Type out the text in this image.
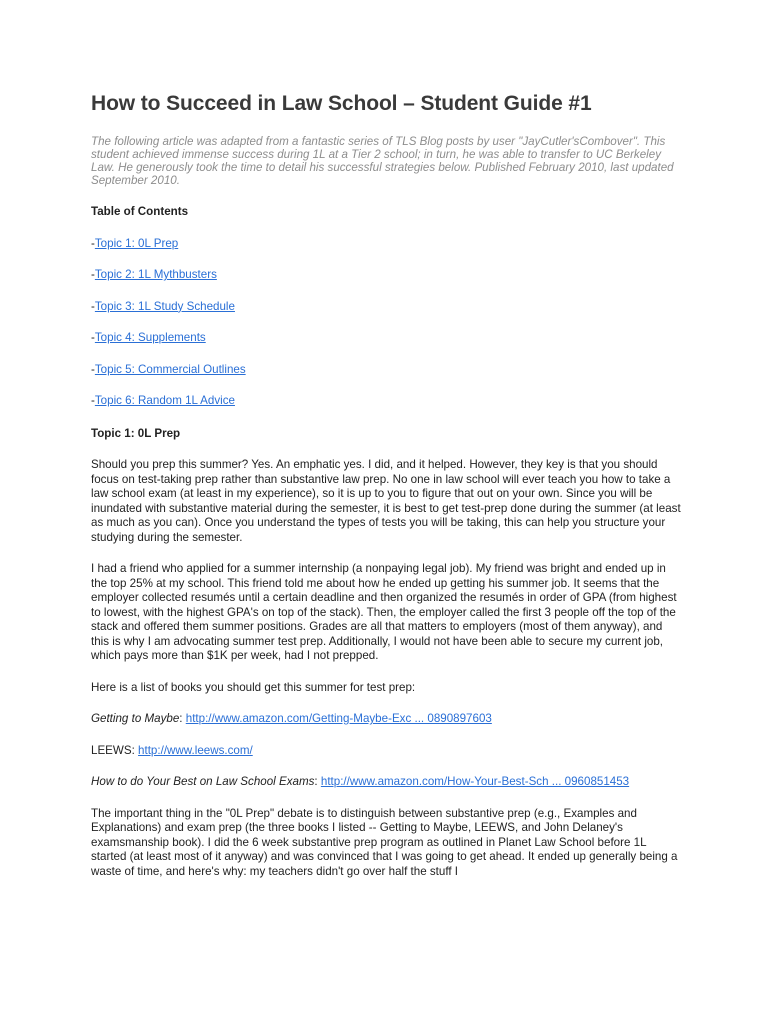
How to Succeed in Law School – Student Guide #1

The following article was adapted from a fantastic series of TLS Blog posts by user "JayCutler'sCombover". This student achieved immense success during 1L at a Tier 2 school; in turn, he was able to transfer to UC Berkeley Law. He generously took the time to detail his successful strategies below. Published February 2010, last updated September 2010.

Table of Contents

-Topic 1: 0L Prep

-Topic 2: 1L Mythbusters

-Topic 3: 1L Study Schedule

-Topic 4: Supplements

-Topic 5: Commercial Outlines

-Topic 6: Random 1L Advice

Topic 1: 0L Prep

Should you prep this summer? Yes. An emphatic yes. I did, and it helped. However, they key is that you should focus on test-taking prep rather than substantive law prep. No one in law school will ever teach you how to take a law school exam (at least in my experience), so it is up to you to figure that out on your own. Since you will be inundated with substantive material during the semester, it is best to get test-prep done during the summer (at least as much as you can). Once you understand the types of tests you will be taking, this can help you structure your studying during the semester.

I had a friend who applied for a summer internship (a nonpaying legal job). My friend was bright and ended up in the top 25% at my school. This friend told me about how he ended up getting his summer job. It seems that the employer collected resumés until a certain deadline and then organized the resumés in order of GPA (from highest to lowest, with the highest GPA's on top of the stack). Then, the employer called the first 3 people off the top of the stack and offered them summer positions. Grades are all that matters to employers (most of them anyway), and this is why I am advocating summer test prep. Additionally, I would not have been able to secure my current job, which pays more than $1K per week, had I not prepped.

Here is a list of books you should get this summer for test prep:

Getting to Maybe: http://www.amazon.com/Getting-Maybe-Exc ... 0890897603

LEEWS: http://www.leews.com/

How to do Your Best on Law School Exams: http://www.amazon.com/How-Your-Best-Sch ... 0960851453

The important thing in the "0L Prep" debate is to distinguish between substantive prep (e.g., Examples and Explanations) and exam prep (the three books I listed -- Getting to Maybe, LEEWS, and John Delaney's examsmanship book). I did the 6 week substantive prep program as outlined in Planet Law School before 1L started (at least most of it anyway) and was convinced that I was going to get ahead. It ended up generally being a waste of time, and here's why: my teachers didn't go over half the stuff I
